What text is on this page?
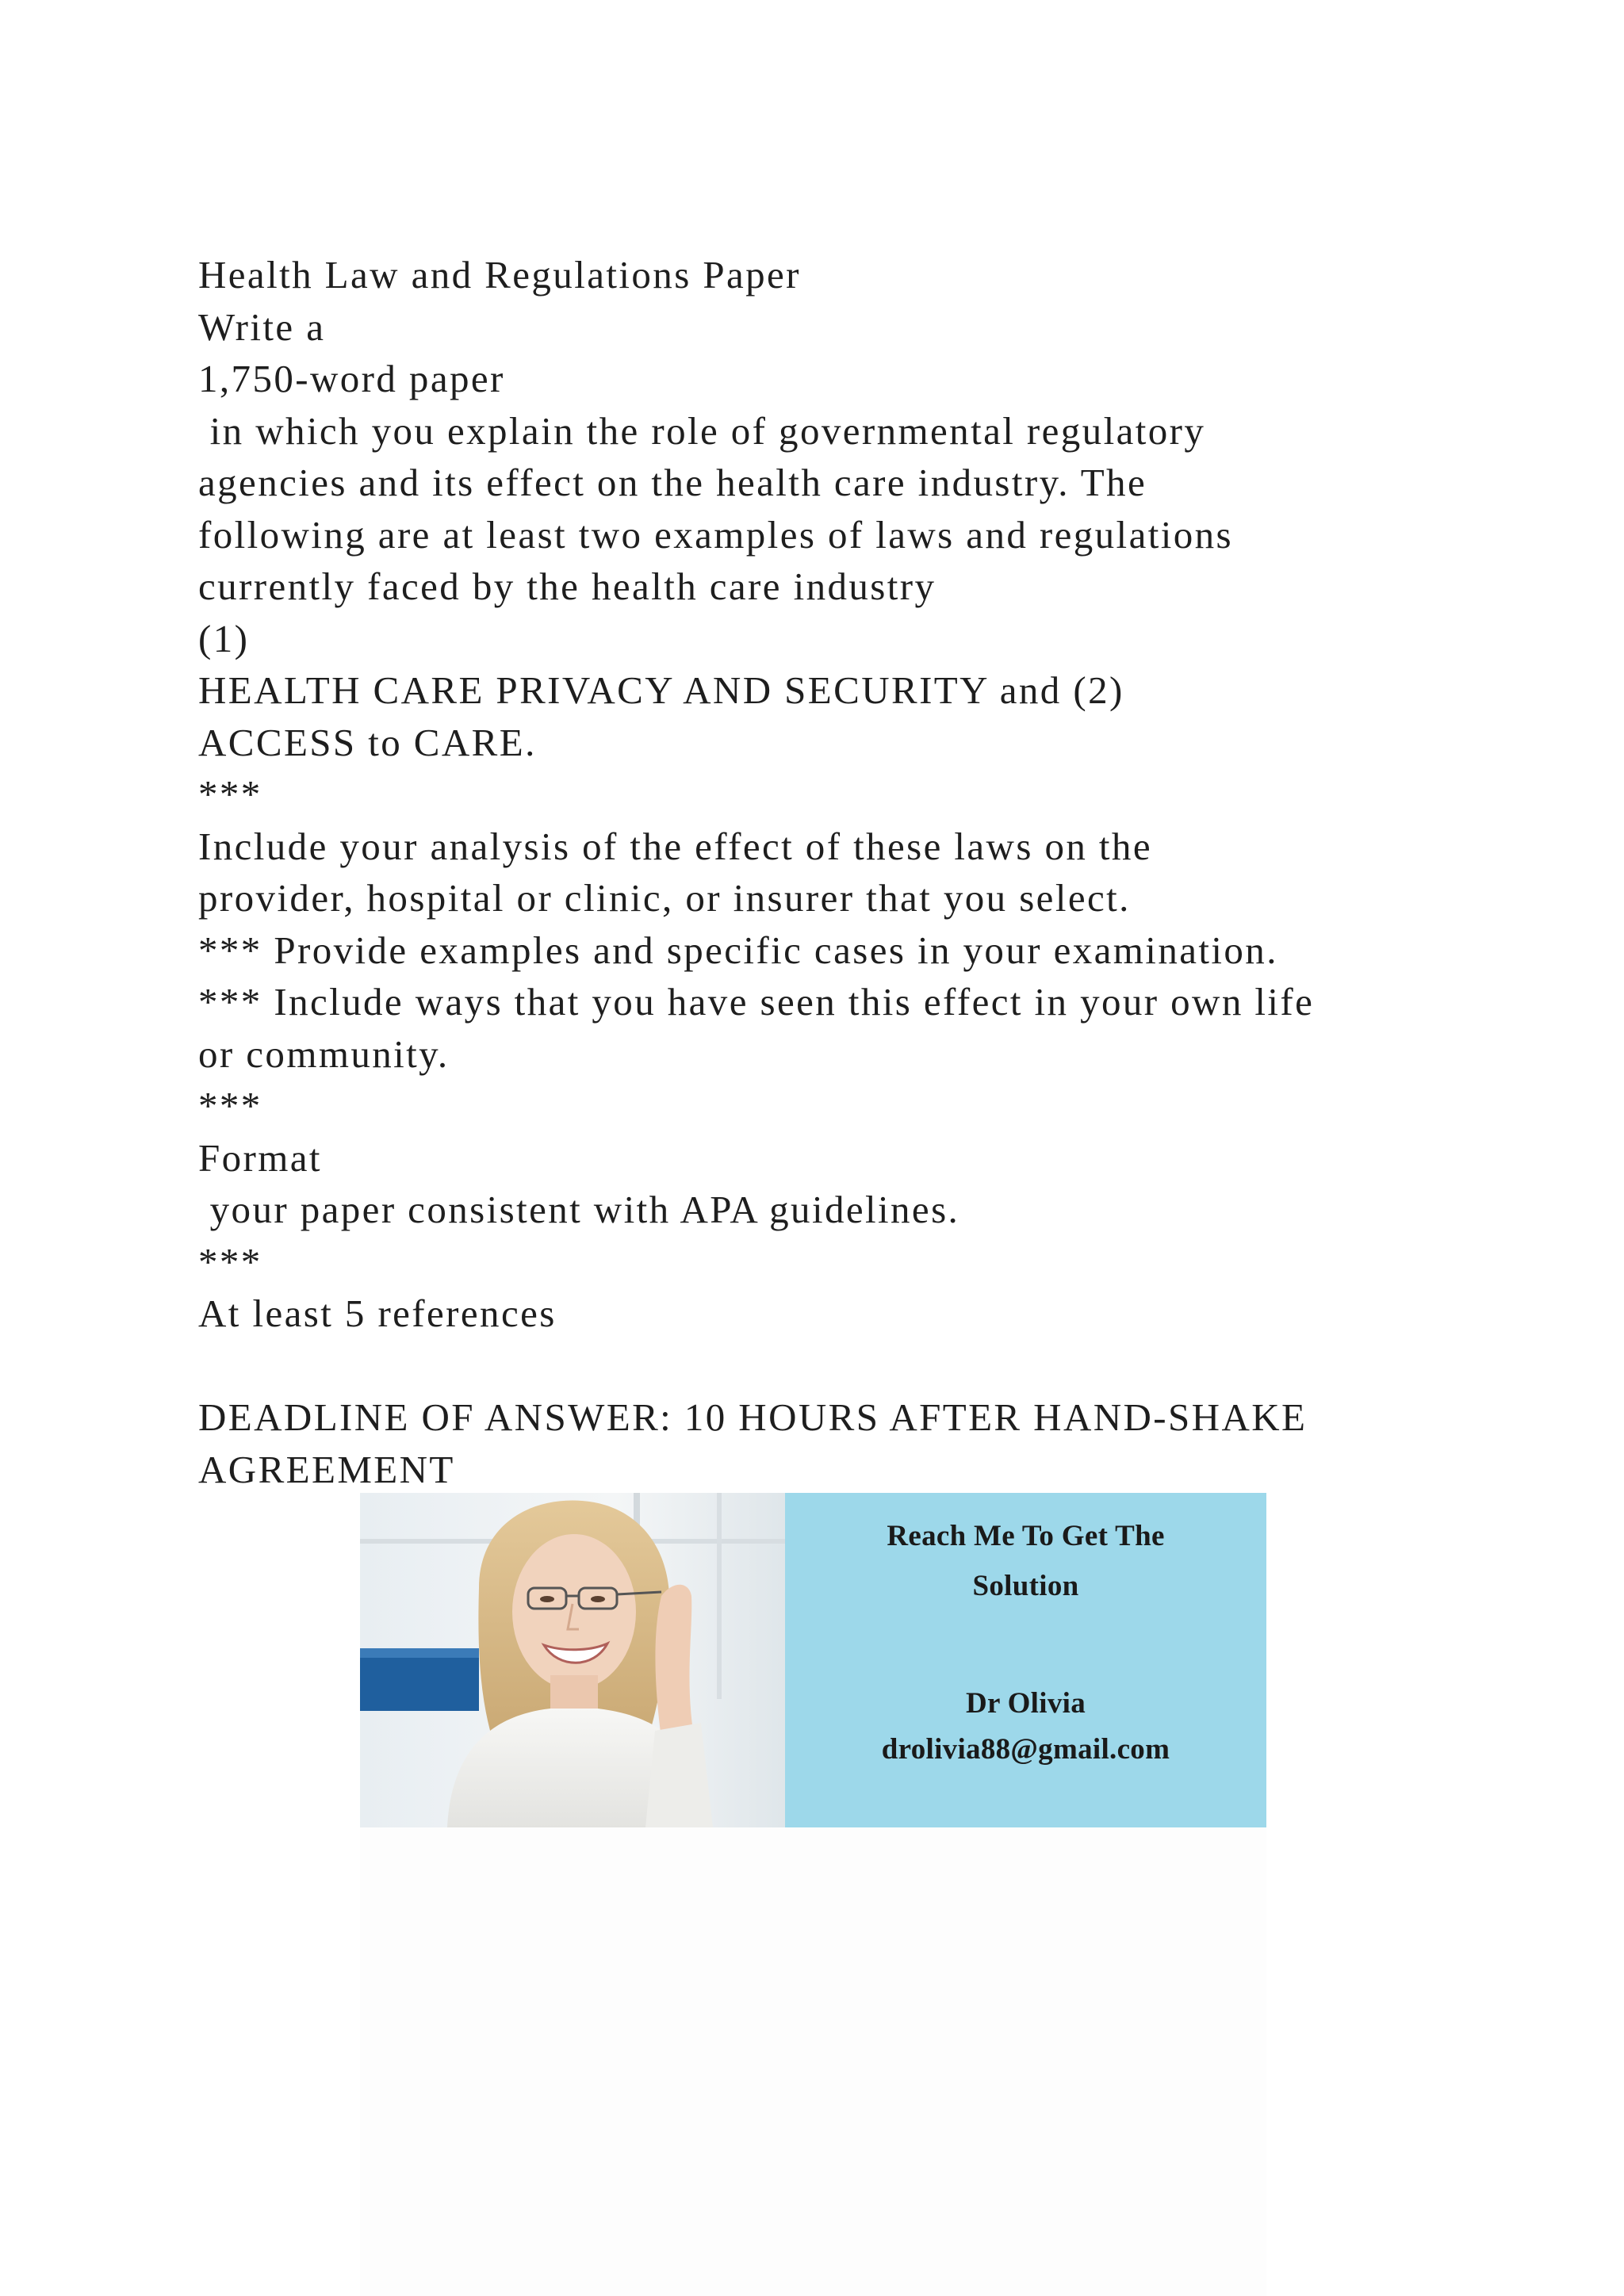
Health Law and Regulations Paper
Write a
1,750-word paper
in which you explain the role of governmental regulatory
agencies and its effect on the health care industry. The
following are at least two examples of laws and regulations
currently faced by the health care industry
(1)
HEALTH CARE PRIVACY AND SECURITY and (2)
ACCESS to CARE.
***
Include your analysis of the effect of these laws on the
provider, hospital or clinic, or insurer that you select.
*** Provide examples and specific cases in your examination.
*** Include ways that you have seen this effect in your own life
or community.
***
Format
your paper consistent with APA guidelines.
***
At least 5 references
DEADLINE OF ANSWER: 10 HOURS AFTER HAND-SHAKE
AGREEMENT
Reach Me To Get The
Solution
Dr Olivia
drolivia88@gmail.com
